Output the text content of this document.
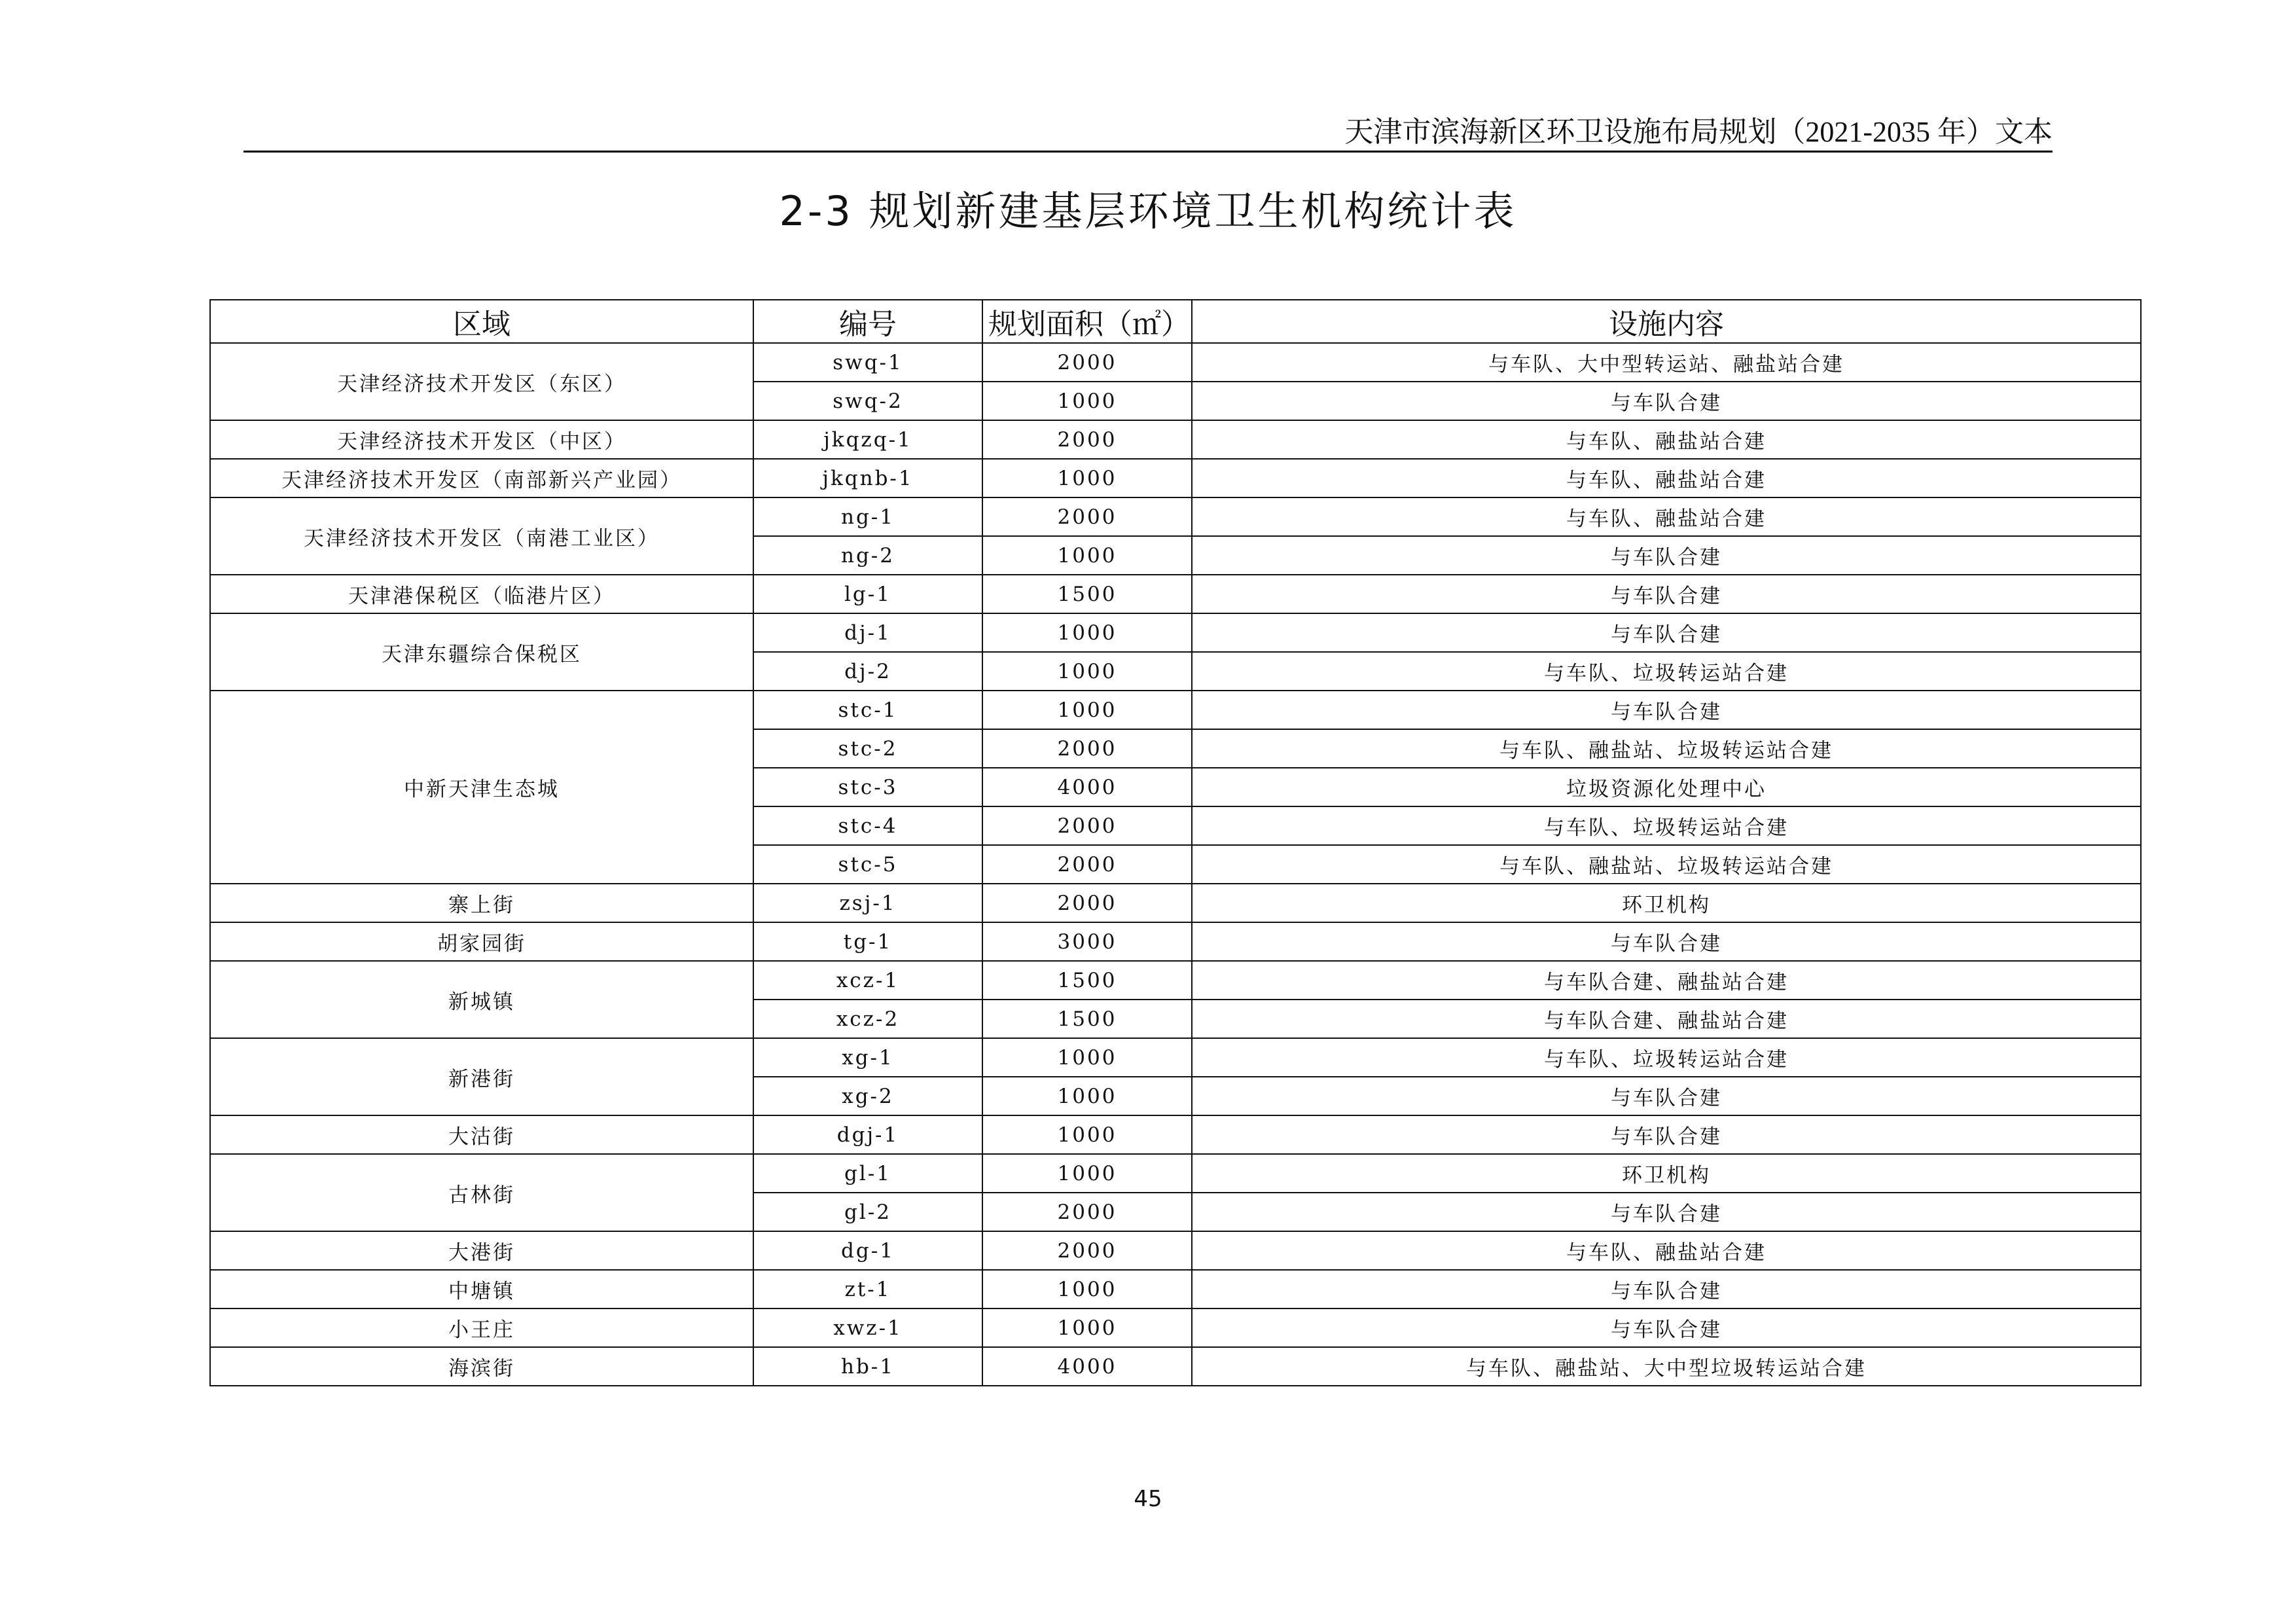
天津市滨海新区环卫设施布局规划（2021-2035 年）文本
2-3 规划新建基层环境卫生机构统计表
区域	编号	规划面积（㎡）	设施内容
天津经济技术开发区（东区）	swq-1	2000	与车队、大中型转运站、融盐站合建
	swq-2	1000	与车队合建
天津经济技术开发区（中区）	jkqzq-1	2000	与车队、融盐站合建
天津经济技术开发区（南部新兴产业园）	jkqnb-1	1000	与车队、融盐站合建
天津经济技术开发区（南港工业区）	ng-1	2000	与车队、融盐站合建
	ng-2	1000	与车队合建
天津港保税区（临港片区）	lg-1	1500	与车队合建
天津东疆综合保税区	dj-1	1000	与车队合建
	dj-2	1000	与车队、垃圾转运站合建
中新天津生态城	stc-1	1000	与车队合建
	stc-2	2000	与车队、融盐站、垃圾转运站合建
	stc-3	4000	垃圾资源化处理中心
	stc-4	2000	与车队、垃圾转运站合建
	stc-5	2000	与车队、融盐站、垃圾转运站合建
寨上街	zsj-1	2000	环卫机构
胡家园街	tg-1	3000	与车队合建
新城镇	xcz-1	1500	与车队合建、融盐站合建
	xcz-2	1500	与车队合建、融盐站合建
新港街	xg-1	1000	与车队、垃圾转运站合建
	xg-2	1000	与车队合建
大沽街	dgj-1	1000	与车队合建
古林街	gl-1	1000	环卫机构
	gl-2	2000	与车队合建
大港街	dg-1	2000	与车队、融盐站合建
中塘镇	zt-1	1000	与车队合建
小王庄	xwz-1	1000	与车队合建
海滨街	hb-1	4000	与车队、融盐站、大中型垃圾转运站合建
45
